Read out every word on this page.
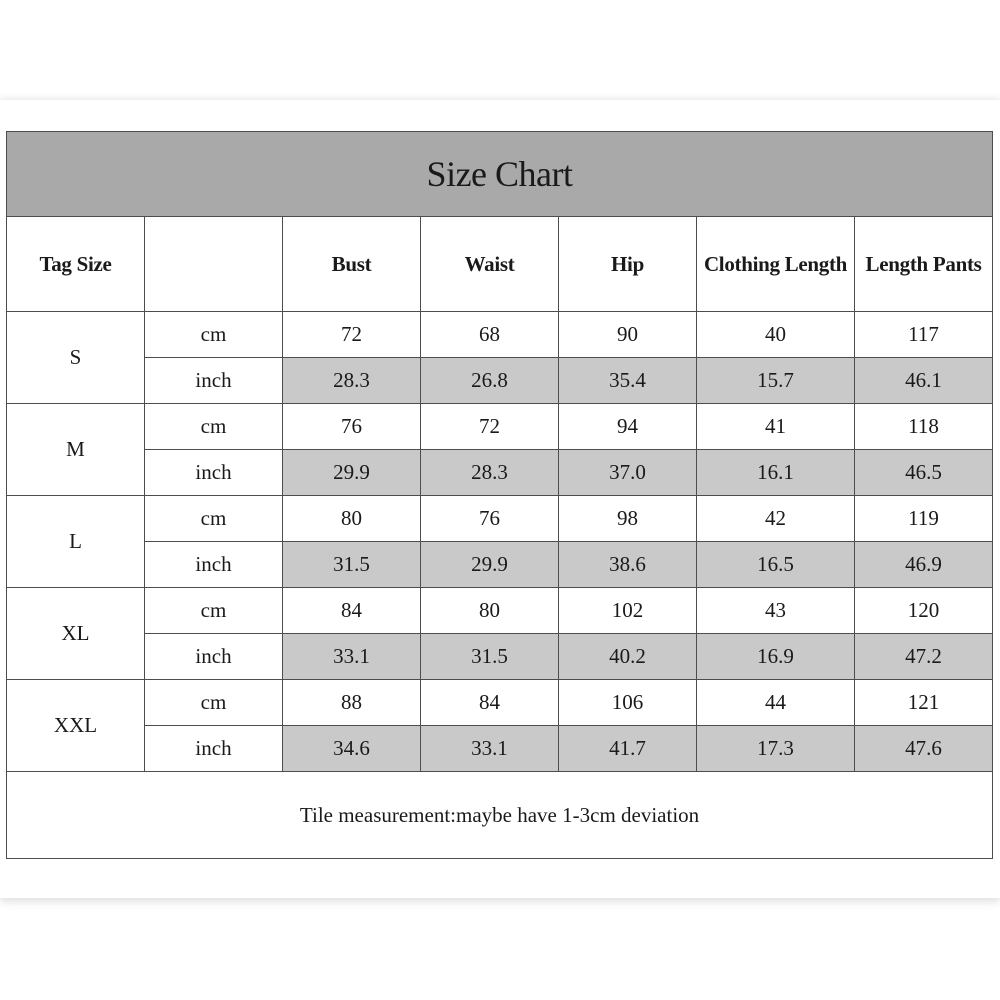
Size Chart						
Tag Size		Bust	Waist	Hip	Clothing Length	Length Pants
S	cm	72	68	90	40	117
	inch	28.3	26.8	35.4	15.7	46.1
M	cm	76	72	94	41	118
	inch	29.9	28.3	37.0	16.1	46.5
L	cm	80	76	98	42	119
	inch	31.5	29.9	38.6	16.5	46.9
XL	cm	84	80	102	43	120
	inch	33.1	31.5	40.2	16.9	47.2
XXL	cm	88	84	106	44	121
	inch	34.6	33.1	41.7	17.3	47.6
Tile measurement:maybe have 1-3cm deviation						
